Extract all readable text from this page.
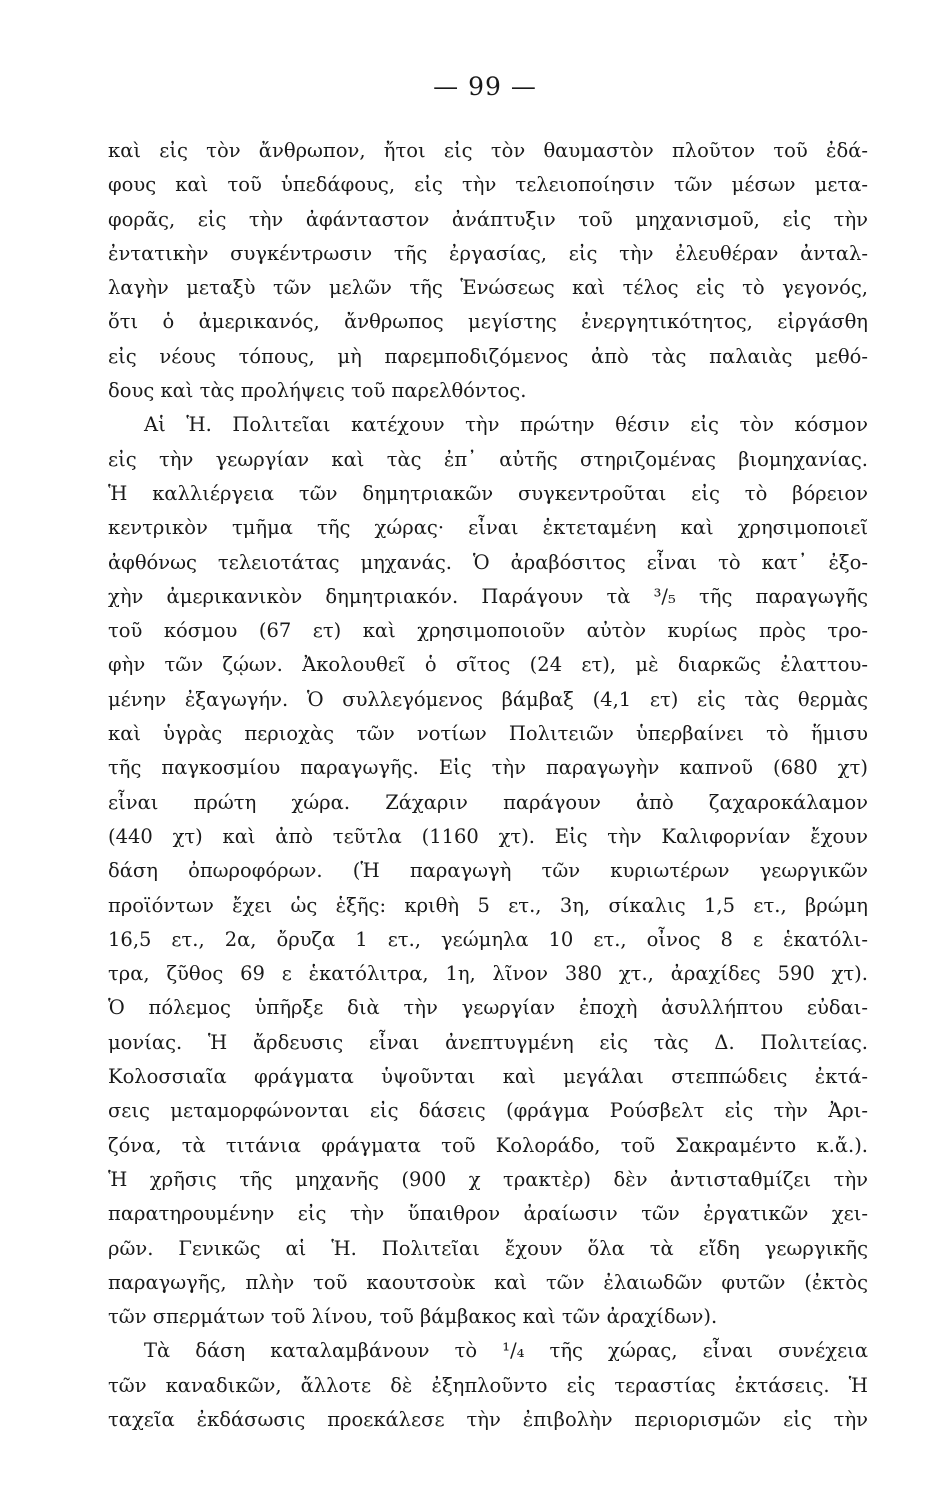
— 99 —
καὶ εἰς τὸν ἄνθρωπον, ἤτοι εἰς τὸν θαυμαστὸν πλοῦτον τοῦ ἐδά-
φους καὶ τοῦ ὑπεδάφους, εἰς τὴν τελειοποίησιν τῶν μέσων μετα-
φορᾶς, εἰς τὴν ἀφάνταστον ἀνάπτυξιν τοῦ μηχανισμοῦ, εἰς τὴν
ἐντατικὴν συγκέντρωσιν τῆς ἐργασίας, εἰς τὴν ἐλευθέραν ἀνταλ-
λαγὴν μεταξὺ τῶν μελῶν τῆς Ἑνώσεως καὶ τέλος εἰς τὸ γεγονός,
ὅτι ὁ ἀμερικανός, ἄνθρωπος μεγίστης ἐνεργητικότητος, εἰργάσθη
εἰς νέους τόπους, μὴ παρεμποδιζόμενος ἀπὸ τὰς παλαιὰς μεθό-
δους καὶ τὰς προλήψεις τοῦ παρελθόντος.
Αἱ Ἡ. Πολιτεῖαι κατέχουν τὴν πρώτην θέσιν εἰς τὸν κόσμον
εἰς τὴν γεωργίαν καὶ τὰς ἐπ᾽ αὐτῆς στηριζομένας βιομηχανίας.
Ἡ καλλιέργεια τῶν δημητριακῶν συγκεντροῦται εἰς τὸ βόρειον
κεντρικὸν τμῆμα τῆς χώρας· εἶναι ἐκτεταμένη καὶ χρησιμοποιεῖ
ἀφθόνως τελειοτάτας μηχανάς. Ὁ ἀραβόσιτος εἶναι τὸ κατ᾽ ἐξο-
χὴν ἀμερικανικὸν δημητριακόν. Παράγουν τὰ ³/₅ τῆς παραγωγῆς
τοῦ κόσμου (67 ετ) καὶ χρησιμοποιοῦν αὐτὸν κυρίως πρὸς τρο-
φὴν τῶν ζῴων. Ἀκολουθεῖ ὁ σῖτος (24 ετ), μὲ διαρκῶς ἐλαττου-
μένην ἐξαγωγήν. Ὁ συλλεγόμενος βάμβαξ (4,1 ετ) εἰς τὰς θερμὰς
καὶ ὑγρὰς περιοχὰς τῶν νοτίων Πολιτειῶν ὑπερβαίνει τὸ ἥμισυ
τῆς παγκοσμίου παραγωγῆς. Εἰς τὴν παραγωγὴν καπνοῦ (680 χτ)
εἶναι πρώτη χώρα. Ζάχαριν παράγουν ἀπὸ ζαχαροκάλαμον
(440 χτ) καὶ ἀπὸ τεῦτλα (1160 χτ). Εἰς τὴν Καλιφορνίαν ἔχουν
δάση ὀπωροφόρων. (Ἡ παραγωγὴ τῶν κυριωτέρων γεωργικῶν
προϊόντων ἔχει ὡς ἑξῆς: κριθὴ 5 ετ., 3η, σίκαλις 1,5 ετ., βρώμη
16,5 ετ., 2α, ὄρυζα 1 ετ., γεώμηλα 10 ετ., οἶνος 8 ε ἑκατόλι-
τρα, ζῦθος 69 ε ἑκατόλιτρα, 1η, λῖνον 380 χτ., ἀραχίδες 590 χτ).
Ὁ πόλεμος ὑπῆρξε διὰ τὴν γεωργίαν ἐποχὴ ἀσυλλήπτου εὐδαι-
μονίας. Ἡ ἄρδευσις εἶναι ἀνεπτυγμένη εἰς τὰς Δ. Πολιτείας.
Κολοσσιαῖα φράγματα ὑψοῦνται καὶ μεγάλαι στεππώδεις ἐκτά-
σεις μεταμορφώνονται εἰς δάσεις (φράγμα Ρούσβελτ εἰς τὴν Ἀρι-
ζόνα, τὰ τιτάνια φράγματα τοῦ Κολοράδο, τοῦ Σακραμέντο κ.ἄ.).
Ἡ χρῆσις τῆς μηχανῆς (900 χ τρακτὲρ) δὲν ἀντισταθμίζει τὴν
παρατηρουμένην εἰς τὴν ὕπαιθρον ἀραίωσιν τῶν ἐργατικῶν χει-
ρῶν. Γενικῶς αἱ Ἡ. Πολιτεῖαι ἔχουν ὅλα τὰ εἴδη γεωργικῆς
παραγωγῆς, πλὴν τοῦ καουτσοὺκ καὶ τῶν ἐλαιωδῶν φυτῶν (ἐκτὸς
τῶν σπερμάτων τοῦ λίνου, τοῦ βάμβακος καὶ τῶν ἀραχίδων).
Τὰ δάση καταλαμβάνουν τὸ ¹/₄ τῆς χώρας, εἶναι συνέχεια
τῶν καναδικῶν, ἄλλοτε δὲ ἐξηπλοῦντο εἰς τεραστίας ἐκτάσεις. Ἡ
ταχεῖα ἐκδάσωσις προεκάλεσε τὴν ἐπιβολὴν περιορισμῶν εἰς τὴν
